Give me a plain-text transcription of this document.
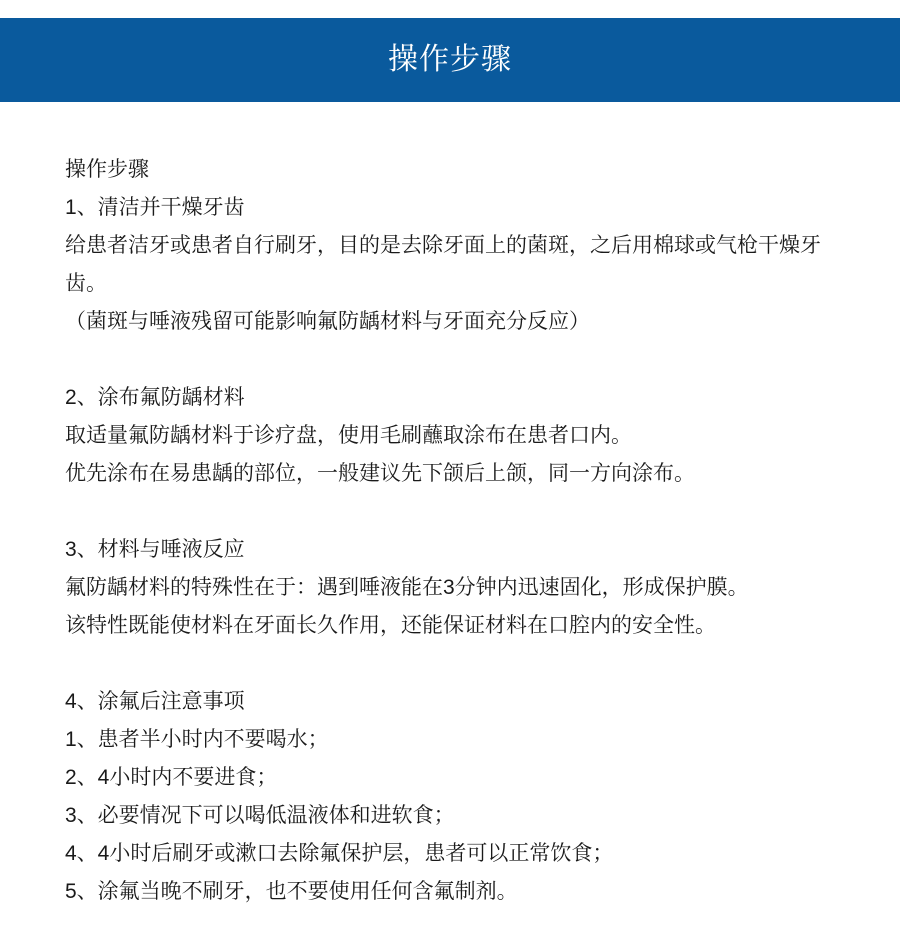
操作步骤

操作步骤

1、清洁并干燥牙齿

给患者洁牙或患者自行刷牙，目的是去除牙面上的菌斑，之后用棉球或气枪干燥牙齿。

（菌斑与唾液残留可能影响氟防龋材料与牙面充分反应）

2、涂布氟防龋材料

取适量氟防龋材料于诊疗盘，使用毛刷蘸取涂布在患者口内。

优先涂布在易患龋的部位，一般建议先下颌后上颌，同一方向涂布。

3、材料与唾液反应

氟防龋材料的特殊性在于：遇到唾液能在3分钟内迅速固化，形成保护膜。

该特性既能使材料在牙面长久作用，还能保证材料在口腔内的安全性。

4、涂氟后注意事项

1、患者半小时内不要喝水；

2、4小时内不要进食；

3、必要情况下可以喝低温液体和进软食；

4、4小时后刷牙或漱口去除氟保护层，患者可以正常饮食；

5、涂氟当晚不刷牙，也不要使用任何含氟制剂。
